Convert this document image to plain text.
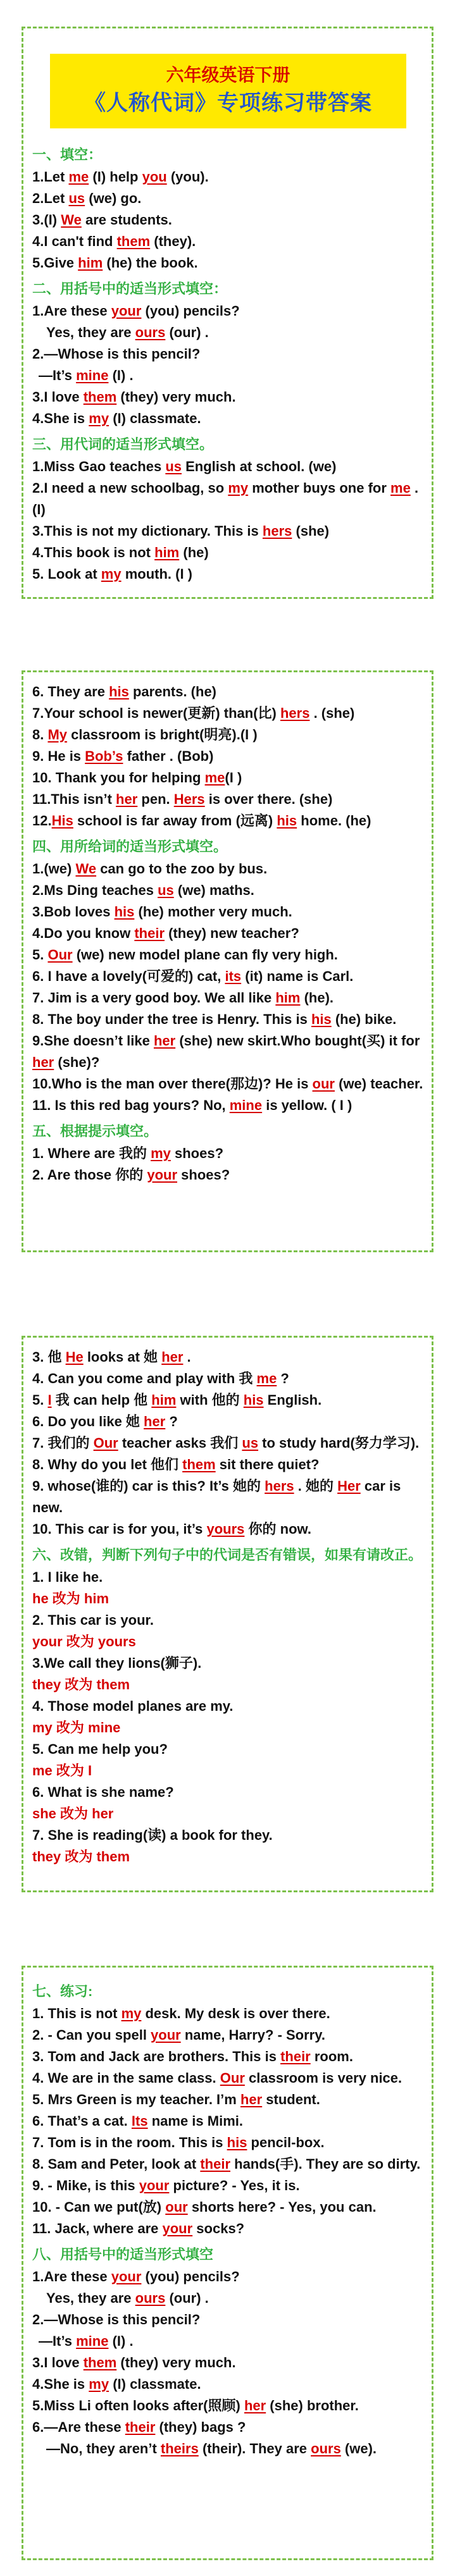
六年级英语下册
《人称代词》专项练习带答案
一、填空：
1.Let me (I) help you (you).
2.Let us (we) go.
3.(I) We are students.
4.I can't find them (they).
5.Give him (he) the book.
二、用括号中的适当形式填空：
1.Are these your (you) pencils?
Yes, they are ours (our) .
2.—Whose is this pencil?
—It’s mine (I) .
3.I love them (they) very much.
4.She is my (I) classmate.
三、用代词的适当形式填空。
1.Miss Gao teaches us English at school. (we)
2.I need a new schoolbag, so my mother buys one for me . (I)
3.This is not my dictionary. This is hers (she)
4.This book is not him (he)
5. Look at my mouth. (I )
6. They are his parents. (he)
7.Your school is newer(更新) than(比) hers . (she)
8. My classroom is bright(明亮).(I )
9. He is Bob’s father . (Bob)
10. Thank you for helping me(I )
11.This isn’t her pen. Hers is over there. (she)
12.His school is far away from (远离) his home. (he)
四、用所给词的适当形式填空。
1.(we) We can go to the zoo by bus.
2.Ms Ding teaches us (we) maths.
3.Bob loves his (he) mother very much.
4.Do you know their (they) new teacher?
5. Our (we) new model plane can fly very high.
6. I have a lovely(可爱的) cat, its (it) name is Carl.
7. Jim is a very good boy. We all like him (he).
8. The boy under the tree is Henry. This is his (he) bike.
9.She doesn’t like her (she) new skirt.Who bought(买) it for her (she)?
10.Who is the man over there(那边)? He is our (we) teacher.
11. Is this red bag yours? No, mine is yellow. ( I )
五、根据提示填空。
1. Where are 我的 my shoes?
2. Are those 你的 your shoes?
3. 他 He looks at 她 her .
4. Can you come and play with 我 me ?
5. I 我 can help 他 him with 他的 his English.
6. Do you like 她 her ?
7. 我们的 Our teacher asks 我们 us to study hard(努力学习).
8. Why do you let 他们 them sit there quiet?
9. whose(谁的) car is this? It’s 她的 hers . 她的 Her car is new.
10. This car is for you, it’s yours 你的 now.
六、改错，判断下列句子中的代词是否有错误，如果有请改正。
1. I like he.
he 改为 him
2. This car is your.
your 改为 yours
3.We call they lions(狮子).
they 改为 them
4. Those model planes are my.
my 改为 mine
5. Can me help you?
me 改为 I
6. What is she name?
she 改为 her
7. She is reading(读) a book for they.
they 改为 them
七、练习:
1. This is not my desk. My desk is over there.
2. - Can you spell your name, Harry? - Sorry.
3. Tom and Jack are brothers. This is their room.
4. We are in the same class. Our classroom is very nice.
5. Mrs Green is my teacher. I’m her student.
6. That’s a cat. Its name is Mimi.
7. Tom is in the room. This is his pencil-box.
8. Sam and Peter, look at their hands(手). They are so dirty.
9. - Mike, is this your picture? - Yes, it is.
10. - Can we put(放) our shorts here? - Yes, you can.
11. Jack, where are your socks?
八、用括号中的适当形式填空
1.Are these your (you) pencils?
Yes, they are ours (our) .
2.—Whose is this pencil?
—It’s mine (I) .
3.I love them (they) very much.
4.She is my (I) classmate.
5.Miss Li often looks after(照顾) her (she) brother.
6.—Are these their (they) bags ?
—No, they aren’t theirs (their). They are ours (we).
